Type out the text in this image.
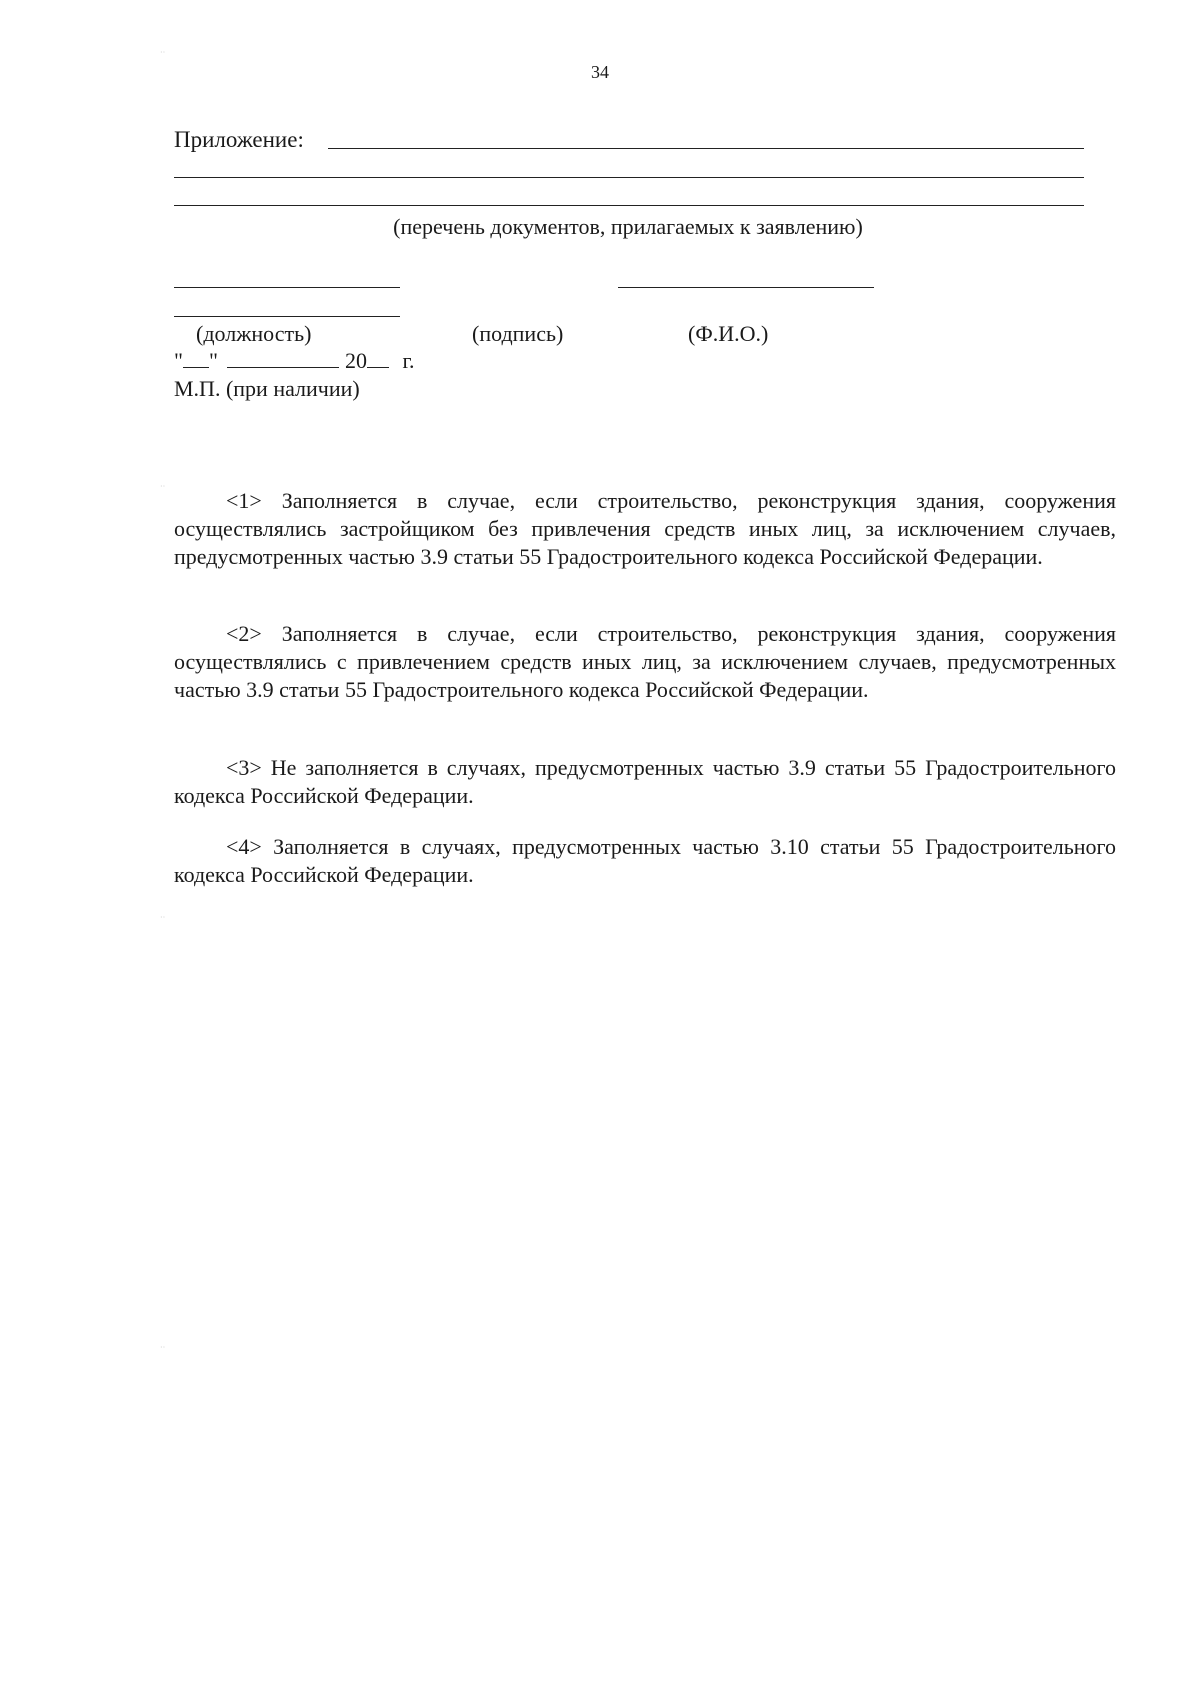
34
Приложение:
(перечень документов, прилагаемых к заявлению)
(должность)	(подпись)	(Ф.И.О.)
" "	20 г.
М.П. (при наличии)

<1> Заполняется в случае, если строительство, реконструкция здания, сооружения осуществлялись застройщиком без привлечения средств иных лиц, за исключением случаев, предусмотренных частью 3.9 статьи 55 Градостроительного кодекса Российской Федерации.

<2> Заполняется в случае, если строительство, реконструкция здания, сооружения осуществлялись с привлечением средств иных лиц, за исключением случаев, предусмотренных частью 3.9 статьи 55 Градостроительного кодекса Российской Федерации.

<3> Не заполняется в случаях, предусмотренных частью 3.9 статьи 55 Градостроительного кодекса Российской Федерации.

<4> Заполняется в случаях, предусмотренных частью 3.10 статьи 55 Градостроительного кодекса Российской Федерации.

··
··
··
··
